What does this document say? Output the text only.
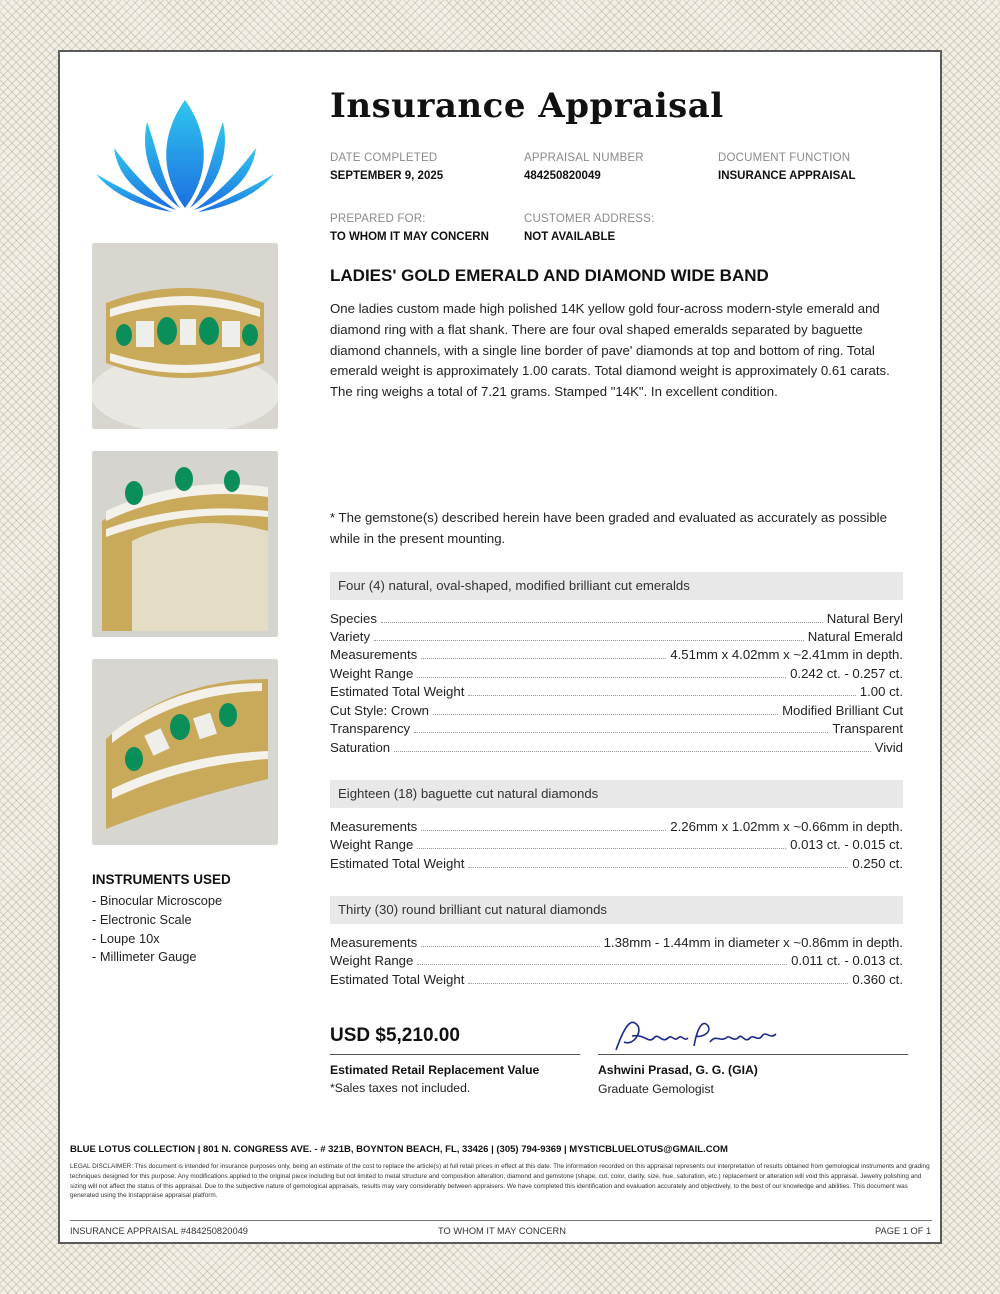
Insurance Appraisal
DATE COMPLETED
SEPTEMBER 9, 2025
APPRAISAL NUMBER
484250820049
DOCUMENT FUNCTION
INSURANCE APPRAISAL
PREPARED FOR:
TO WHOM IT MAY CONCERN
CUSTOMER ADDRESS:
NOT AVAILABLE
LADIES' GOLD EMERALD AND DIAMOND WIDE BAND
One ladies custom made high polished 14K yellow gold four-across modern-style emerald and diamond ring with a flat shank. There are four oval shaped emeralds separated by baguette diamond channels, with a single line border of pave' diamonds at top and bottom of ring. Total emerald weight is approximately 1.00 carats. Total diamond weight is approximately 0.61 carats. The ring weighs a total of 7.21 grams. Stamped "14K". In excellent condition.
* The gemstone(s) described herein have been graded and evaluated as accurately as possible while in the present mounting.
Four (4) natural, oval-shaped, modified brilliant cut emeralds
Species	Natural Beryl
Variety	Natural Emerald
Measurements	4.51mm x 4.02mm x ~2.41mm in depth.
Weight Range	0.242 ct. - 0.257 ct.
Estimated Total Weight	1.00 ct.
Cut Style: Crown	Modified Brilliant Cut
Transparency	Transparent
Saturation	Vivid
Eighteen (18) baguette cut natural diamonds
Measurements	2.26mm x 1.02mm x ~0.66mm in depth.
Weight Range	0.013 ct. - 0.015 ct.
Estimated Total Weight	0.250 ct.
Thirty (30) round brilliant cut natural diamonds
Measurements	1.38mm - 1.44mm in diameter x ~0.86mm in depth.
Weight Range	0.011 ct. - 0.013 ct.
Estimated Total Weight	0.360 ct.
INSTRUMENTS USED
- Binocular Microscope
- Electronic Scale
- Loupe 10x
- Millimeter Gauge
USD $5,210.00
Estimated Retail Replacement Value
*Sales taxes not included.
Ashwini Prasad, G. G. (GIA)
Graduate Gemologist
BLUE LOTUS COLLECTION | 801 N. CONGRESS AVE. - # 321B, BOYNTON BEACH, FL, 33426 | (305) 794-9369 | MYSTICBLUELOTUS@GMAIL.COM
LEGAL DISCLAIMER: This document is intended for insurance purposes only, being an estimate of the cost to replace the article(s) at full retail prices in effect at this date. The information recorded on this appraisal represents our interpretation of results obtained from gemological instruments and grading techniques designed for this purpose. Any modifications applied to the original piece including but not limited to metal structure and composition alteration, diamond and gemstone (shape, cut, color, clarity, size, hue, saturation, etc.) replacement or alteration will void this appraisal. Jewelry polishing and sizing will not affect the status of this appraisal. Due to the subjective nature of gemological appraisals, results may vary considerably between appraisers. We have completed this identification and evaluation accurately and objectively, to the best of our knowledge and abilities. This document was generated using the Instappraise appraisal platform.
INSURANCE APPRAISAL #484250820049	TO WHOM IT MAY CONCERN	PAGE 1 OF 1
